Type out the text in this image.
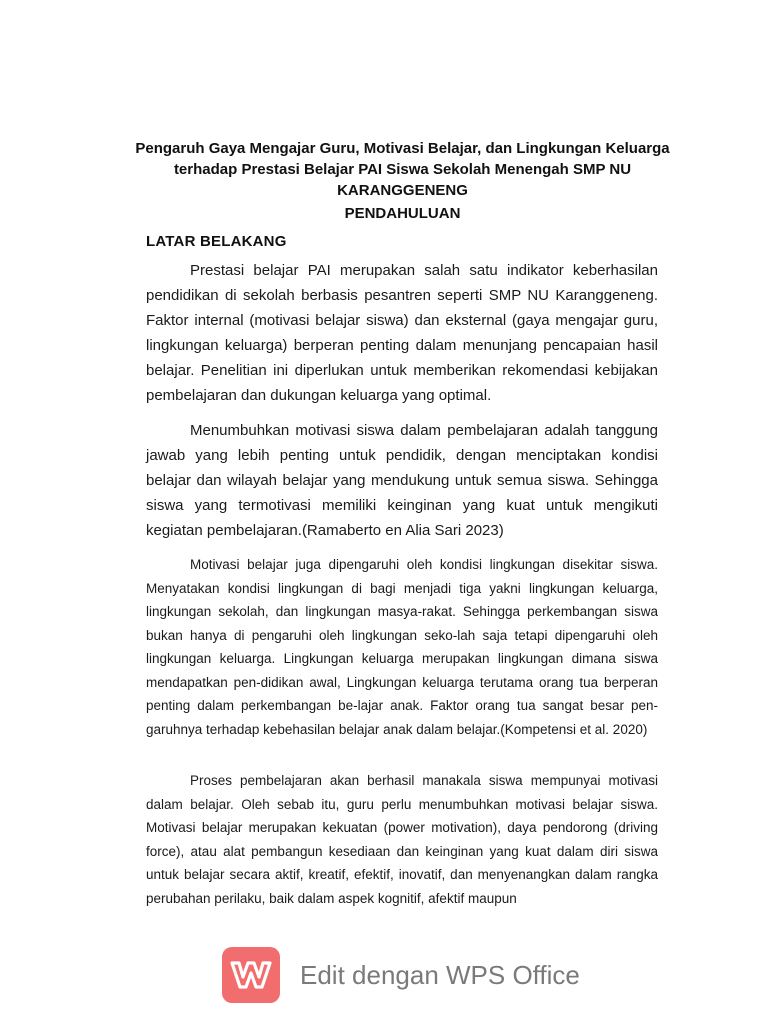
Pengaruh Gaya Mengajar Guru, Motivasi Belajar, dan Lingkungan Keluarga terhadap Prestasi Belajar PAI Siswa Sekolah Menengah SMP NU KARANGGENENG
PENDAHULUAN
LATAR BELAKANG
Prestasi belajar PAI merupakan salah satu indikator keberhasilan pendidikan di sekolah berbasis pesantren seperti SMP NU Karanggeneng. Faktor internal (motivasi belajar siswa) dan eksternal (gaya mengajar guru, lingkungan keluarga) berperan penting dalam menunjang pencapaian hasil belajar. Penelitian ini diperlukan untuk memberikan rekomendasi kebijakan pembelajaran dan dukungan keluarga yang optimal.
Menumbuhkan motivasi siswa dalam pembelajaran adalah tanggung jawab yang lebih penting untuk pendidik, dengan menciptakan kondisi belajar dan wilayah belajar yang mendukung untuk semua siswa. Sehingga siswa yang termotivasi memiliki keinginan yang kuat untuk mengikuti kegiatan pembelajaran.(Ramaberto en Alia Sari 2023)
Motivasi belajar juga dipengaruhi oleh kondisi lingkungan disekitar siswa. Menyatakan kondisi lingkungan di bagi menjadi tiga yakni lingkungan keluarga, lingkungan sekolah, dan lingkungan masya-rakat. Sehingga perkembangan siswa bukan hanya di pengaruhi oleh lingkungan seko-lah saja tetapi dipengaruhi oleh lingkungan keluarga. Lingkungan keluarga merupakan lingkungan dimana siswa mendapatkan pen-didikan awal, Lingkungan keluarga terutama orang tua berperan penting dalam perkembangan be-lajar anak. Faktor orang tua sangat besar pen-garuhnya terhadap kebehasilan belajar anak dalam belajar.(Kompetensi et al. 2020)
Proses pembelajaran akan berhasil manakala siswa mempunyai motivasi dalam belajar. Oleh sebab itu, guru perlu menumbuhkan motivasi belajar siswa. Motivasi belajar merupakan kekuatan (power motivation), daya pendorong (driving force), atau alat pembangun kesediaan dan keinginan yang kuat dalam diri siswa untuk belajar secara aktif, kreatif, efektif, inovatif, dan menyenangkan dalam rangka perubahan perilaku, baik dalam aspek kognitif, afektif maupun
Edit dengan WPS Office
